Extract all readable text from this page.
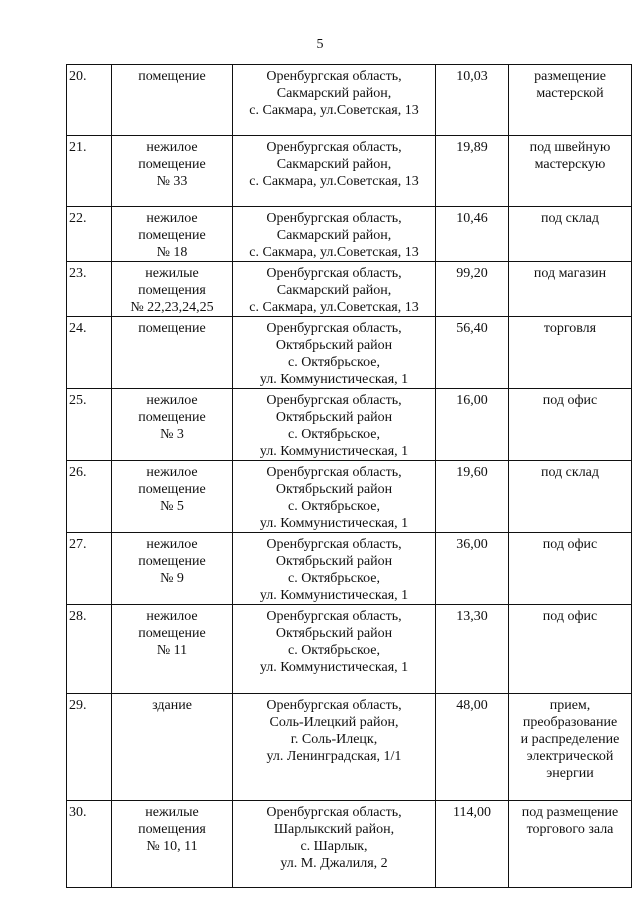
5
20.	помещение	Оренбургская область,
Сакмарский район,
с. Сакмара, ул.Советская, 13	10,03	размещение
мастерской

21.	нежилое
помещение
№ 33	Оренбургская область,
Сакмарский район,
с. Сакмара, ул.Советская, 13	19,89	под швейную
мастерскую

22.	нежилое
помещение
№ 18	Оренбургская область,
Сакмарский район,
с. Сакмара, ул.Советская, 13	10,46	под склад

23.	нежилые
помещения
№ 22,23,24,25	Оренбургская область,
Сакмарский район,
с. Сакмара, ул.Советская, 13	99,20	под магазин

24.	помещение	Оренбургская область,
Октябрьский район
с. Октябрьское,
ул. Коммунистическая, 1	56,40	торговля

25.	нежилое
помещение
№ 3	Оренбургская область,
Октябрьский район
с. Октябрьское,
ул. Коммунистическая, 1	16,00	под офис

26.	нежилое
помещение
№ 5	Оренбургская область,
Октябрьский район
с. Октябрьское,
ул. Коммунистическая, 1	19,60	под склад

27.	нежилое
помещение
№ 9	Оренбургская область,
Октябрьский район
с. Октябрьское,
ул. Коммунистическая, 1	36,00	под офис

28.	нежилое
помещение
№ 11	Оренбургская область,
Октябрьский район
с. Октябрьское,
ул. Коммунистическая, 1	13,30	под офис

29.	здание	Оренбургская область,
Соль-Илецкий район,
г. Соль-Илецк,
ул. Ленинградская, 1/1	48,00	прием,
преобразование
и распределение
электрической
энергии

30.	нежилые
помещения
№ 10, 11	Оренбургская область,
Шарлыкский район,
с. Шарлык,
ул. М. Джалиля, 2	114,00	под размещение
торгового зала
